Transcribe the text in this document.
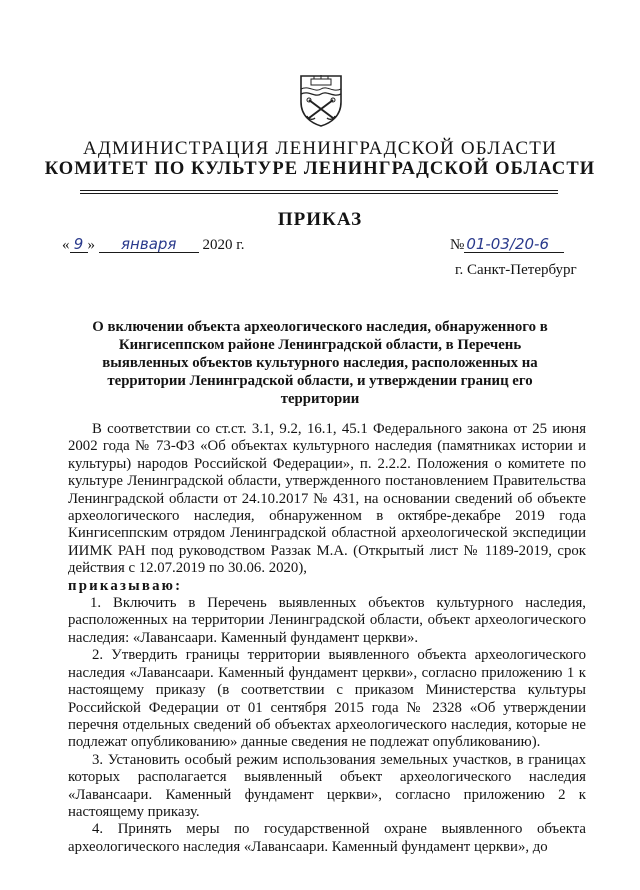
АДМИНИСТРАЦИЯ ЛЕНИНГРАДСКОЙ ОБЛАСТИ
КОМИТЕТ ПО КУЛЬТУРЕ ЛЕНИНГРАДСКОЙ ОБЛАСТИ
ПРИКАЗ
« 9 » января 2020 г.	№ 01-03/20-6
г. Санкт-Петербург
О включении объекта археологического наследия, обнаруженного в Кингисеппском районе Ленинградской области, в Перечень выявленных объектов культурного наследия, расположенных на территории Ленинградской области, и утверждении границ его территории

В соответствии со ст.ст. 3.1, 9.2, 16.1, 45.1 Федерального закона от 25 июня 2002 года № 73-ФЗ «Об объектах культурного наследия (памятниках истории и культуры) народов Российской Федерации», п. 2.2.2. Положения о комитете по культуре Ленинградской области, утвержденного постановлением Правительства Ленинградской области от 24.10.2017 № 431, на основании сведений об объекте археологического наследия, обнаруженном в октябре-декабре 2019 года Кингисеппским отрядом Ленинградской областной археологической экспедиции ИИМК РАН под руководством Раззак М.А. (Открытый лист № 1189-2019, срок действия с 12.07.2019 по 30.06. 2020),

приказываю:

1. Включить в Перечень выявленных объектов культурного наследия, расположенных на территории Ленинградской области, объект археологического наследия: «Лавансаари. Каменный фундамент церкви».

2. Утвердить границы территории выявленного объекта археологического наследия «Лавансаари. Каменный фундамент церкви», согласно приложению 1 к настоящему приказу (в соответствии с приказом Министерства культуры Российской Федерации от 01 сентября 2015 года № 2328 «Об утверждении перечня отдельных сведений об объектах археологического наследия, которые не подлежат опубликованию» данные сведения не подлежат опубликованию).

3. Установить особый режим использования земельных участков, в границах которых располагается выявленный объект археологического наследия «Лавансаари. Каменный фундамент церкви», согласно приложению 2 к настоящему приказу.

4. Принять меры по государственной охране выявленного объекта археологического наследия «Лавансаари. Каменный фундамент церкви», до
